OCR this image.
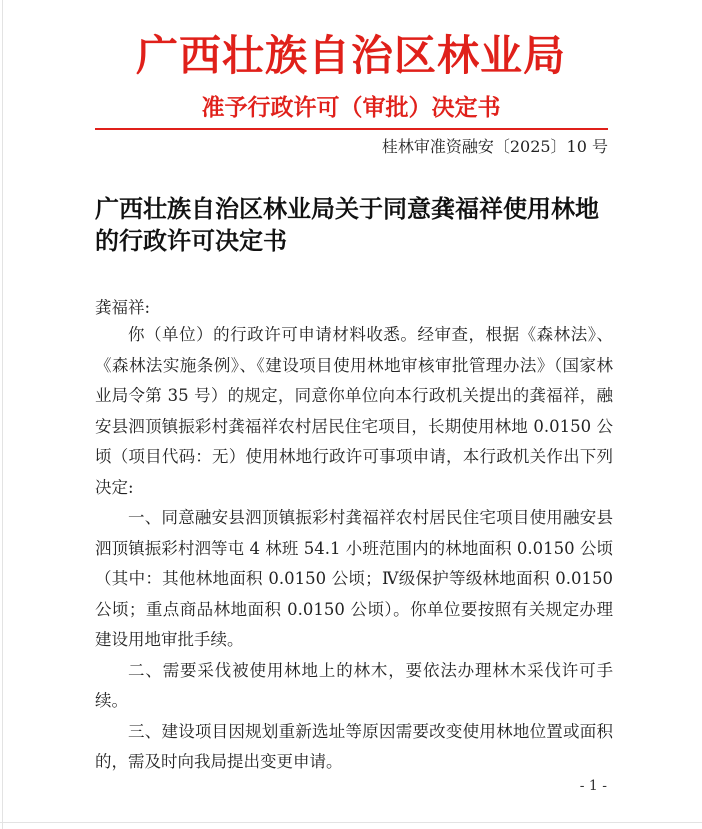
广西壮族自治区林业局
准予行政许可（审批）决定书
桂林审准资融安〔2025〕10 号
广西壮族自治区林业局关于同意龚福祥使用林地的行政许可决定书
龚福祥:

你（单位）的行政许可申请材料收悉。经审查，根据《森林法》、《森林法实施条例》、《建设项目使用林地审核审批管理办法》（国家林业局令第 35 号）的规定，同意你单位向本行政机关提出的龚福祥，融安县泗顶镇振彩村龚福祥农村居民住宅项目，长期使用林地 0.0150 公顷（项目代码：无）使用林地行政许可事项申请，本行政机关作出下列决定:

一、同意融安县泗顶镇振彩村龚福祥农村居民住宅项目使用融安县泗顶镇振彩村泗等屯 4 林班 54.1 小班范围内的林地面积 0.0150 公顷（其中：其他林地面积 0.0150 公顷；Ⅳ级保护等级林地面积 0.0150 公顷；重点商品林地面积 0.0150 公顷）。你单位要按照有关规定办理建设用地审批手续。

二、需要采伐被使用林地上的林木，要依法办理林木采伐许可手续。

三、建设项目因规划重新选址等原因需要改变使用林地位置或面积的，需及时向我局提出变更申请。

- 1 -
